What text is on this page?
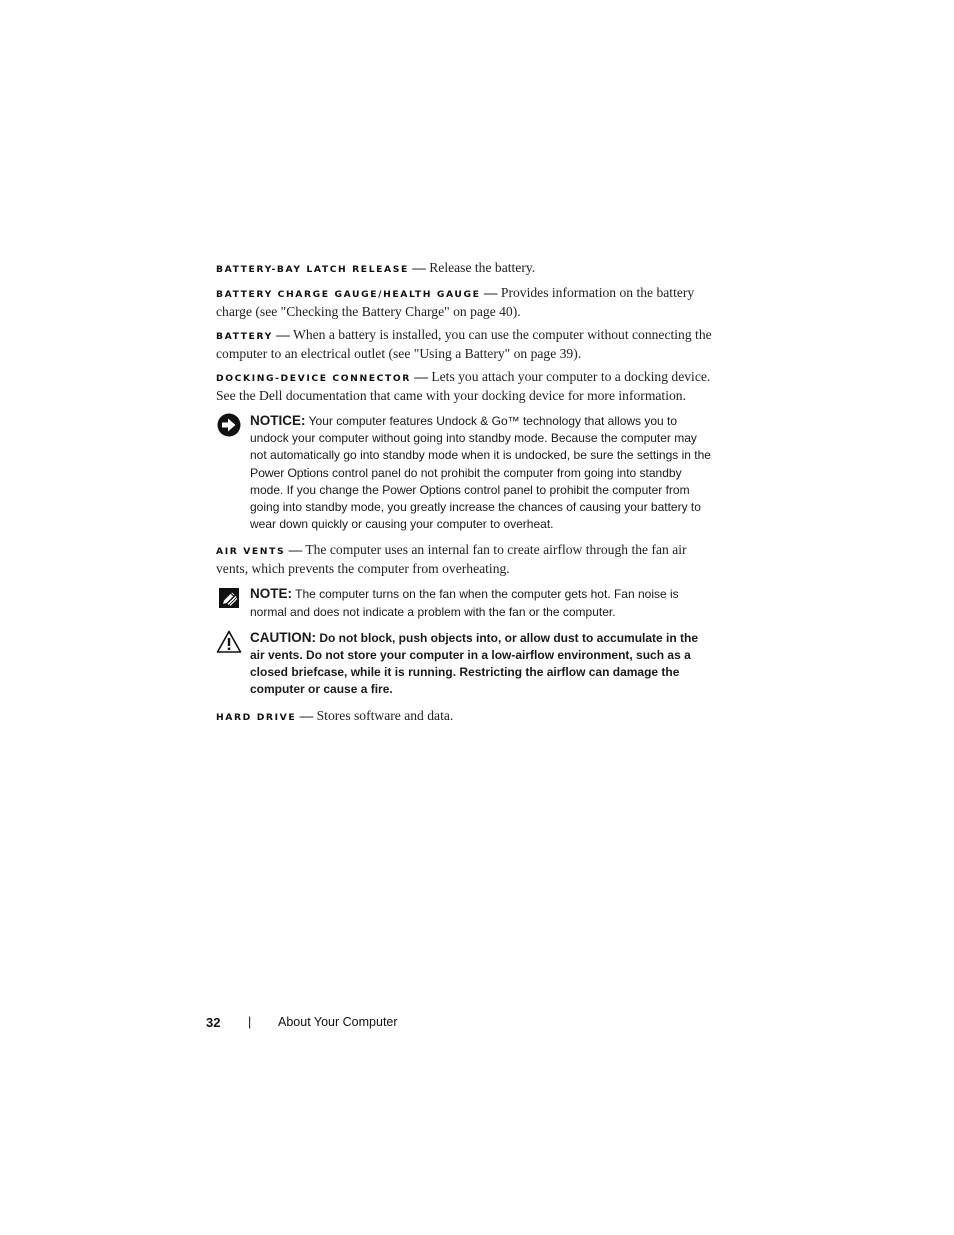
BATTERY-BAY LATCH RELEASE — Release the battery.

BATTERY CHARGE GAUGE/HEALTH GAUGE — Provides information on the battery charge (see "Checking the Battery Charge" on page 40).

BATTERY — When a battery is installed, you can use the computer without connecting the computer to an electrical outlet (see "Using a Battery" on page 39).

DOCKING-DEVICE CONNECTOR — Lets you attach your computer to a docking device. See the Dell documentation that came with your docking device for more information.

NOTICE: Your computer features Undock & Go™ technology that allows you to undock your computer without going into standby mode. Because the computer may not automatically go into standby mode when it is undocked, be sure the settings in the Power Options control panel do not prohibit the computer from going into standby mode. If you change the Power Options control panel to prohibit the computer from going into standby mode, you greatly increase the chances of causing your battery to wear down quickly or causing your computer to overheat.

AIR VENTS — The computer uses an internal fan to create airflow through the fan air vents, which prevents the computer from overheating.

NOTE: The computer turns on the fan when the computer gets hot. Fan noise is normal and does not indicate a problem with the fan or the computer.

CAUTION: Do not block, push objects into, or allow dust to accumulate in the air vents. Do not store your computer in a low-airflow environment, such as a closed briefcase, while it is running. Restricting the airflow can damage the computer or cause a fire.

HARD DRIVE — Stores software and data.

32 | About Your Computer
